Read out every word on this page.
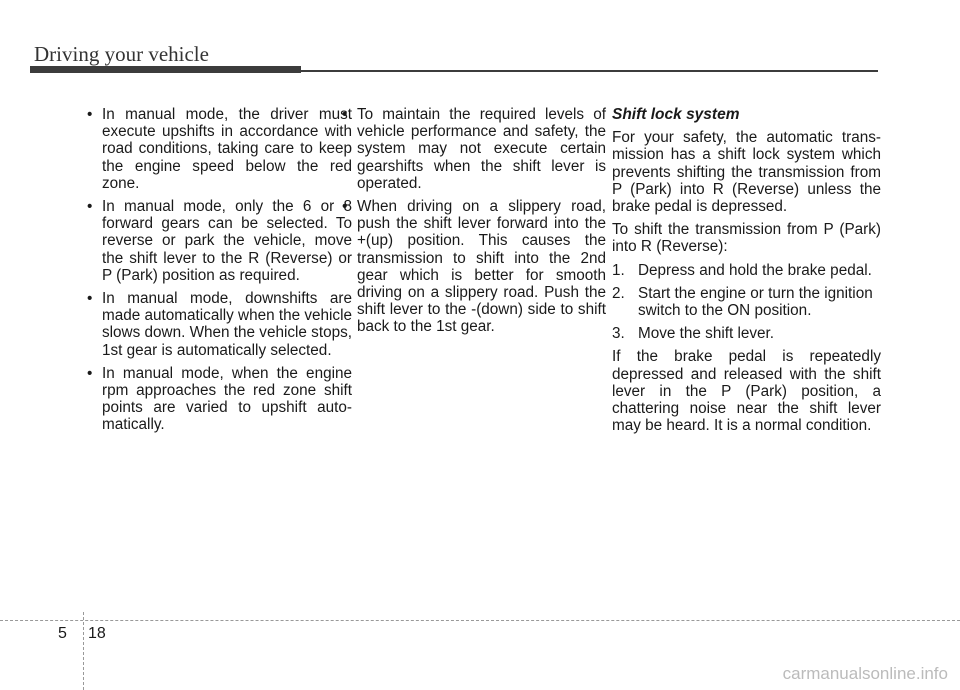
Driving your vehicle
• In manual mode, the driver must execute upshifts in accordance with road conditions, taking care to keep the engine speed below the red zone.
• In manual mode, only the 6 or 8 forward gears can be selected. To reverse or park the vehicle, move the shift lever to the R (Reverse) or P (Park) position as required.
• In manual mode, downshifts are made automatically when the vehicle slows down. When the vehicle stops, 1st gear is automatically selected.
• In manual mode, when the engine rpm approaches the red zone shift points are varied to upshift automatically.
• To maintain the required levels of vehicle performance and safety, the system may not execute certain gearshifts when the shift lever is operated.
• When driving on a slippery road, push the shift lever forward into the +(up) position. This causes the transmission to shift into the 2nd gear which is better for smooth driving on a slippery road. Push the shift lever to the -(down) side to shift back to the 1st gear.
Shift lock system

For your safety, the automatic transmission has a shift lock system which prevents shifting the transmission from P (Park) into R (Reverse) unless the brake pedal is depressed.

To shift the transmission from P (Park) into R (Reverse):

1. Depress and hold the brake pedal.
2. Start the engine or turn the ignition switch to the ON position.
3. Move the shift lever.

If the brake pedal is repeatedly depressed and released with the shift lever in the P (Park) position, a chattering noise near the shift lever may be heard. It is a normal condition.

5 18
carmanualsonline.info
